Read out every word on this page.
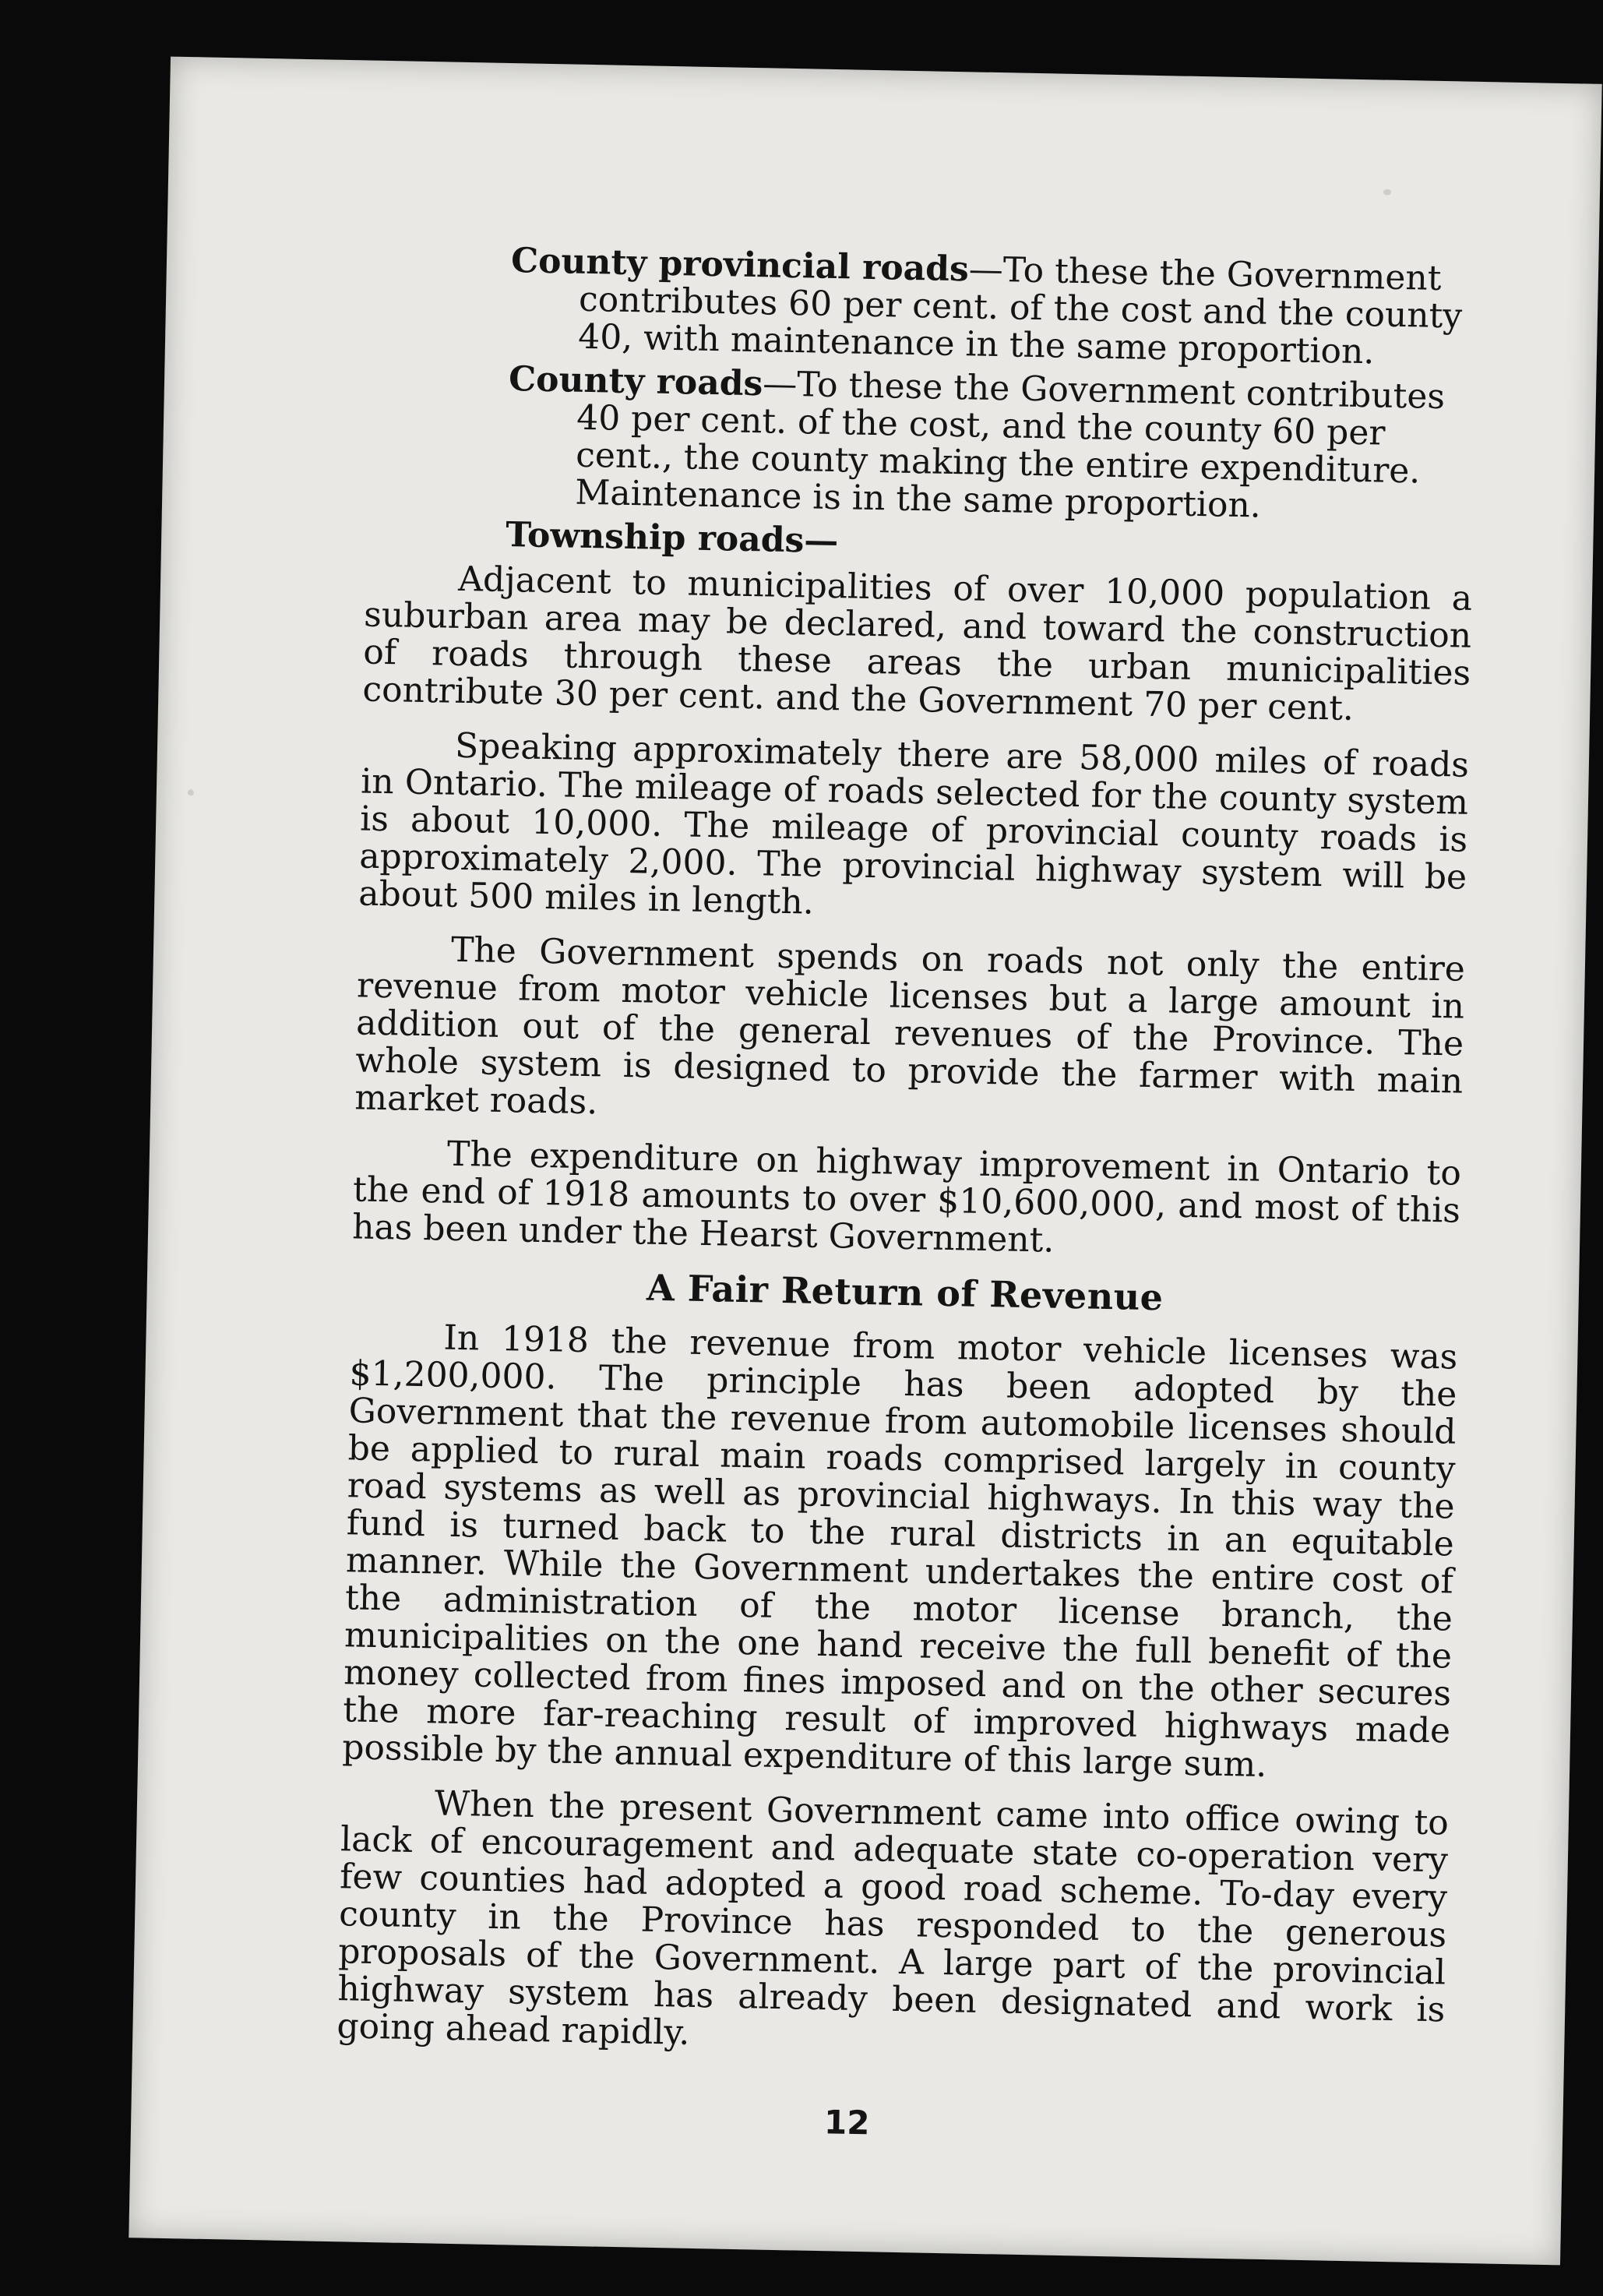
County provincial roads—To these the Government contributes 60 per cent. of the cost and the county 40, with maintenance in the same proportion.

County roads—To these the Government contributes 40 per cent. of the cost, and the county 60 per cent., the county making the entire expenditure. Maintenance is in the same proportion.

Township roads—

Adjacent to municipalities of over 10,000 population a suburban area may be declared, and toward the construction of roads through these areas the urban municipalities contribute 30 per cent. and the Government 70 per cent.

Speaking approximately there are 58,000 miles of roads in Ontario. The mileage of roads selected for the county system is about 10,000. The mileage of provincial county roads is approximately 2,000. The provincial highway system will be about 500 miles in length.

The Government spends on roads not only the entire revenue from motor vehicle licenses but a large amount in addition out of the general revenues of the Province. The whole system is designed to provide the farmer with main market roads.

The expenditure on highway improvement in Ontario to the end of 1918 amounts to over $10,600,000, and most of this has been under the Hearst Government.

A Fair Return of Revenue

In 1918 the revenue from motor vehicle licenses was $1,200,000. The principle has been adopted by the Government that the revenue from automobile licenses should be applied to rural main roads comprised largely in county road systems as well as provincial highways. In this way the fund is turned back to the rural districts in an equitable manner. While the Government undertakes the entire cost of the administration of the motor license branch, the municipalities on the one hand receive the full benefit of the money collected from fines imposed and on the other secures the more far-reaching result of improved highways made possible by the annual expenditure of this large sum.

When the present Government came into office owing to lack of encouragement and adequate state co-operation very few counties had adopted a good road scheme. To-day every county in the Province has responded to the generous proposals of the Government. A large part of the provincial highway system has already been designated and work is going ahead rapidly.

12
